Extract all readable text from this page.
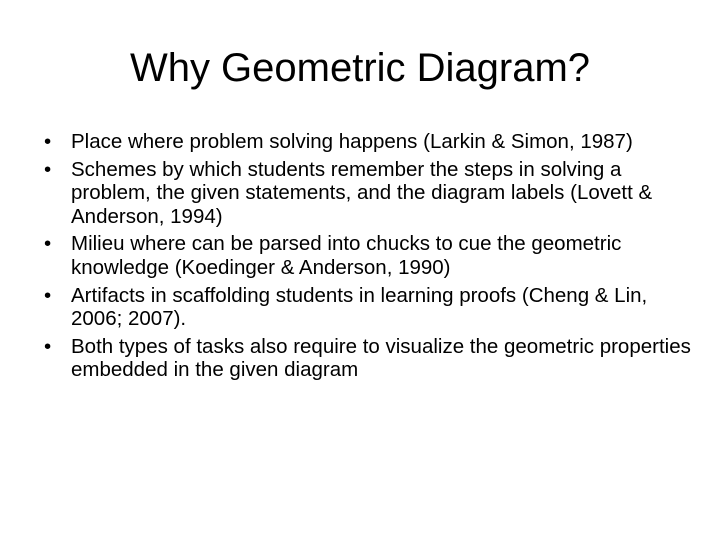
Why Geometric Diagram?
• Place where problem solving happens (Larkin & Simon, 1987)
• Schemes by which students remember the steps in solving a problem, the given statements, and the diagram labels (Lovett & Anderson, 1994)
• Milieu where can be parsed into chucks to cue the geometric knowledge (Koedinger & Anderson, 1990)
• Artifacts in scaffolding students in learning proofs (Cheng & Lin, 2006; 2007).
• Both types of tasks also require to visualize the geometric properties embedded in the given diagram
